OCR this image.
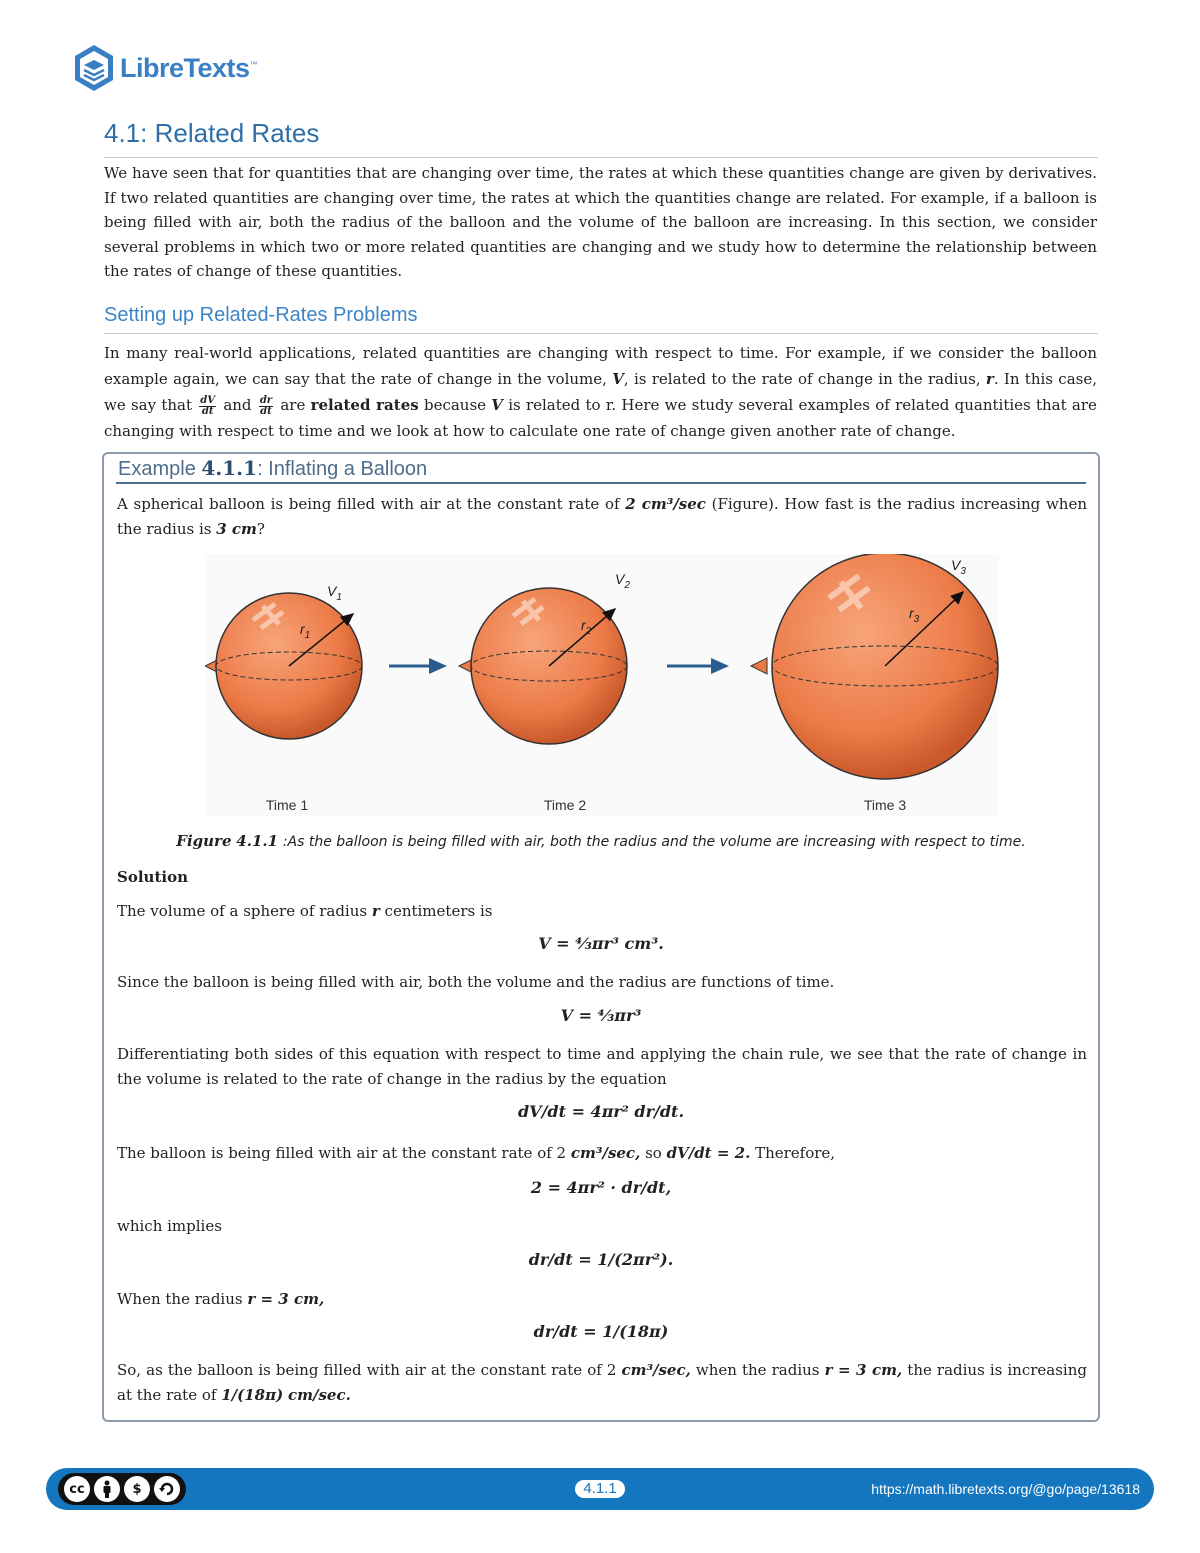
LibreTexts™
4.1: Related Rates

We have seen that for quantities that are changing over time, the rates at which these quantities change are given by derivatives. If two related quantities are changing over time, the rates at which the quantities change are related. For example, if a balloon is being filled with air, both the radius of the balloon and the volume of the balloon are increasing. In this section, we consider several problems in which two or more related quantities are changing and we study how to determine the relationship between the rates of change of these quantities.

Setting up Related-Rates Problems

In many real-world applications, related quantities are changing with respect to time. For example, if we consider the balloon example again, we can say that the rate of change in the volume, V, is related to the rate of change in the radius, r. In this case, we say that $\frac{dV}{dt}$ and $\frac{dr}{dt}$ are related rates because V is related to r. Here we study several examples of related quantities that are changing with respect to time and we look at how to calculate one rate of change given another rate of change.

Example 4.1.1: Inflating a Balloon

A spherical balloon is being filled with air at the constant rate of 2 cm³/sec (Figure). How fast is the radius increasing when the radius is 3 cm?

$r_1$
$V_1$
$r_2$
$V_2$
$r_3$
$V_3$
Time 1	Time 2	Time 3
Figure 4.1.1 :As the balloon is being filled with air, both the radius and the volume are increasing with respect to time.
Solution

The volume of a sphere of radius r centimeters is

V = ⁴⁄₃πr³ cm³.

Since the balloon is being filled with air, both the volume and the radius are functions of time.

V = ⁴⁄₃πr³

Differentiating both sides of this equation with respect to time and applying the chain rule, we see that the rate of change in the volume is related to the rate of change in the radius by the equation

dV/dt = 4πr² dr/dt.

The balloon is being filled with air at the constant rate of 2 cm³/sec, so dV/dt = 2. Therefore,

2 = 4πr² · dr/dt,

which implies

dr/dt = 1/(2πr²).

When the radius r = 3 cm,

dr/dt = 1/(18π)

So, as the balloon is being filled with air at the constant rate of 2 cm³/sec, when the radius r = 3 cm, the radius is increasing at the rate of 1/(18π) cm/sec.

cc	$	4.1.1	https://math.libretexts.org/@go/page/13618
